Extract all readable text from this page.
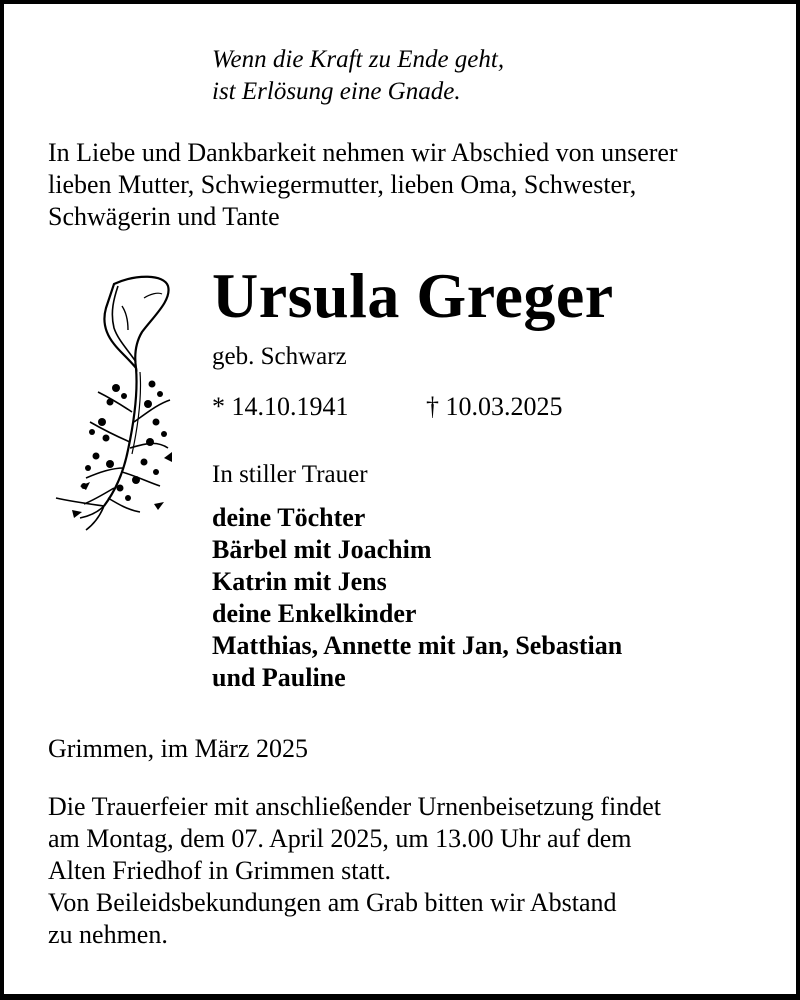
Wenn die Kraft zu Ende geht,
ist Erlösung eine Gnade.
In Liebe und Dankbarkeit nehmen wir Abschied von unserer
lieben Mutter, Schwiegermutter, lieben Oma, Schwester,
Schwägerin und Tante
Ursula Greger
geb. Schwarz
* 14.10.1941	† 10.03.2025
In stiller Trauer
deine Töchter
Bärbel mit Joachim
Katrin mit Jens
deine Enkelkinder
Matthias, Annette mit Jan, Sebastian
und Pauline
Grimmen, im März 2025
Die Trauerfeier mit anschließender Urnenbeisetzung findet
am Montag, dem 07. April 2025, um 13.00 Uhr auf dem
Alten Friedhof in Grimmen statt.
Von Beileidsbekundungen am Grab bitten wir Abstand
zu nehmen.
